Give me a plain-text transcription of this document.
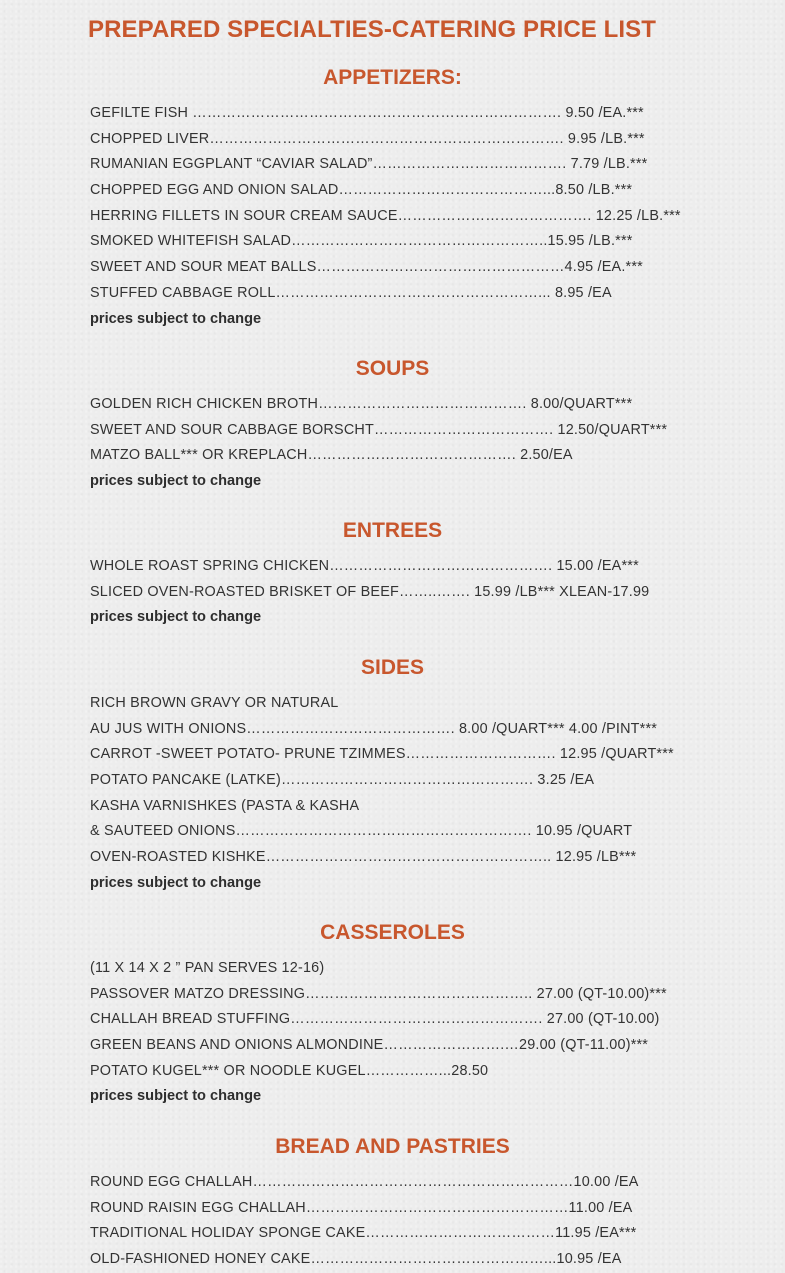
PREPARED SPECIALTIES-CATERING PRICE LIST
APPETIZERS:
GEFILTE FISH …………………………………………………………………. 9.50 /EA.***
CHOPPED LIVER………………………………………………………………. 9.95 /LB.***
RUMANIAN EGGPLANT “CAVIAR SALAD”…………………………………. 7.79 /LB.***
CHOPPED EGG AND ONION SALAD……………………………………...8.50 /LB.***
HERRING FILLETS IN SOUR CREAM SAUCE…………………………………. 12.25 /LB.***
SMOKED WHITEFISH SALAD……………………………………………..15.95 /LB.***
SWEET AND SOUR MEAT BALLS……………………………………………4.95 /EA.***
STUFFED CABBAGE ROLL………………………………………………... 8.95 /EA
prices subject to change
SOUPS
GOLDEN RICH CHICKEN BROTH……………………………………. 8.00/QUART***
SWEET AND SOUR CABBAGE BORSCHT………………………………. 12.50/QUART***
MATZO BALL*** OR KREPLACH……………………………………. 2.50/EA
prices subject to change
ENTREES
WHOLE ROAST SPRING CHICKEN………………………………………. 15.00 /EA***
SLICED OVEN-ROASTED BRISKET OF BEEF……..……. 15.99 /LB*** XLEAN-17.99
prices subject to change
SIDES
RICH BROWN GRAVY OR NATURAL
AU JUS WITH ONIONS……………………………………. 8.00 /QUART*** 4.00 /PINT***
CARROT -SWEET POTATO- PRUNE TZIMMES…………………………. 12.95 /QUART***
POTATO PANCAKE (LATKE)……………………………………………. 3.25 /EA
KASHA VARNISHKES (PASTA & KASHA
& SAUTEED ONIONS……………………………………………………. 10.95 /QUART
OVEN-ROASTED KISHKE………………………………………………….. 12.95 /LB***
prices subject to change
CASSEROLES
(11 X 14 X 2 ” PAN SERVES 12-16)
PASSOVER MATZO DRESSING……………………………………….. 27.00 (QT-10.00)***
CHALLAH BREAD STUFFING……………………………………………. 27.00 (QT-10.00)
GREEN BEANS AND ONIONS ALMONDINE…………………….…29.00 (QT-11.00)***
POTATO KUGEL*** OR NOODLE KUGEL……………...28.50
prices subject to change
BREAD AND PASTRIES
ROUND EGG CHALLAH…………………………………………………………10.00 /EA
ROUND RAISIN EGG CHALLAH………………………………………………11.00 /EA
TRADITIONAL HOLIDAY SPONGE CAKE…………………………………11.95 /EA***
OLD-FASHIONED HONEY CAKE…………………………………………...10.95 /EA
